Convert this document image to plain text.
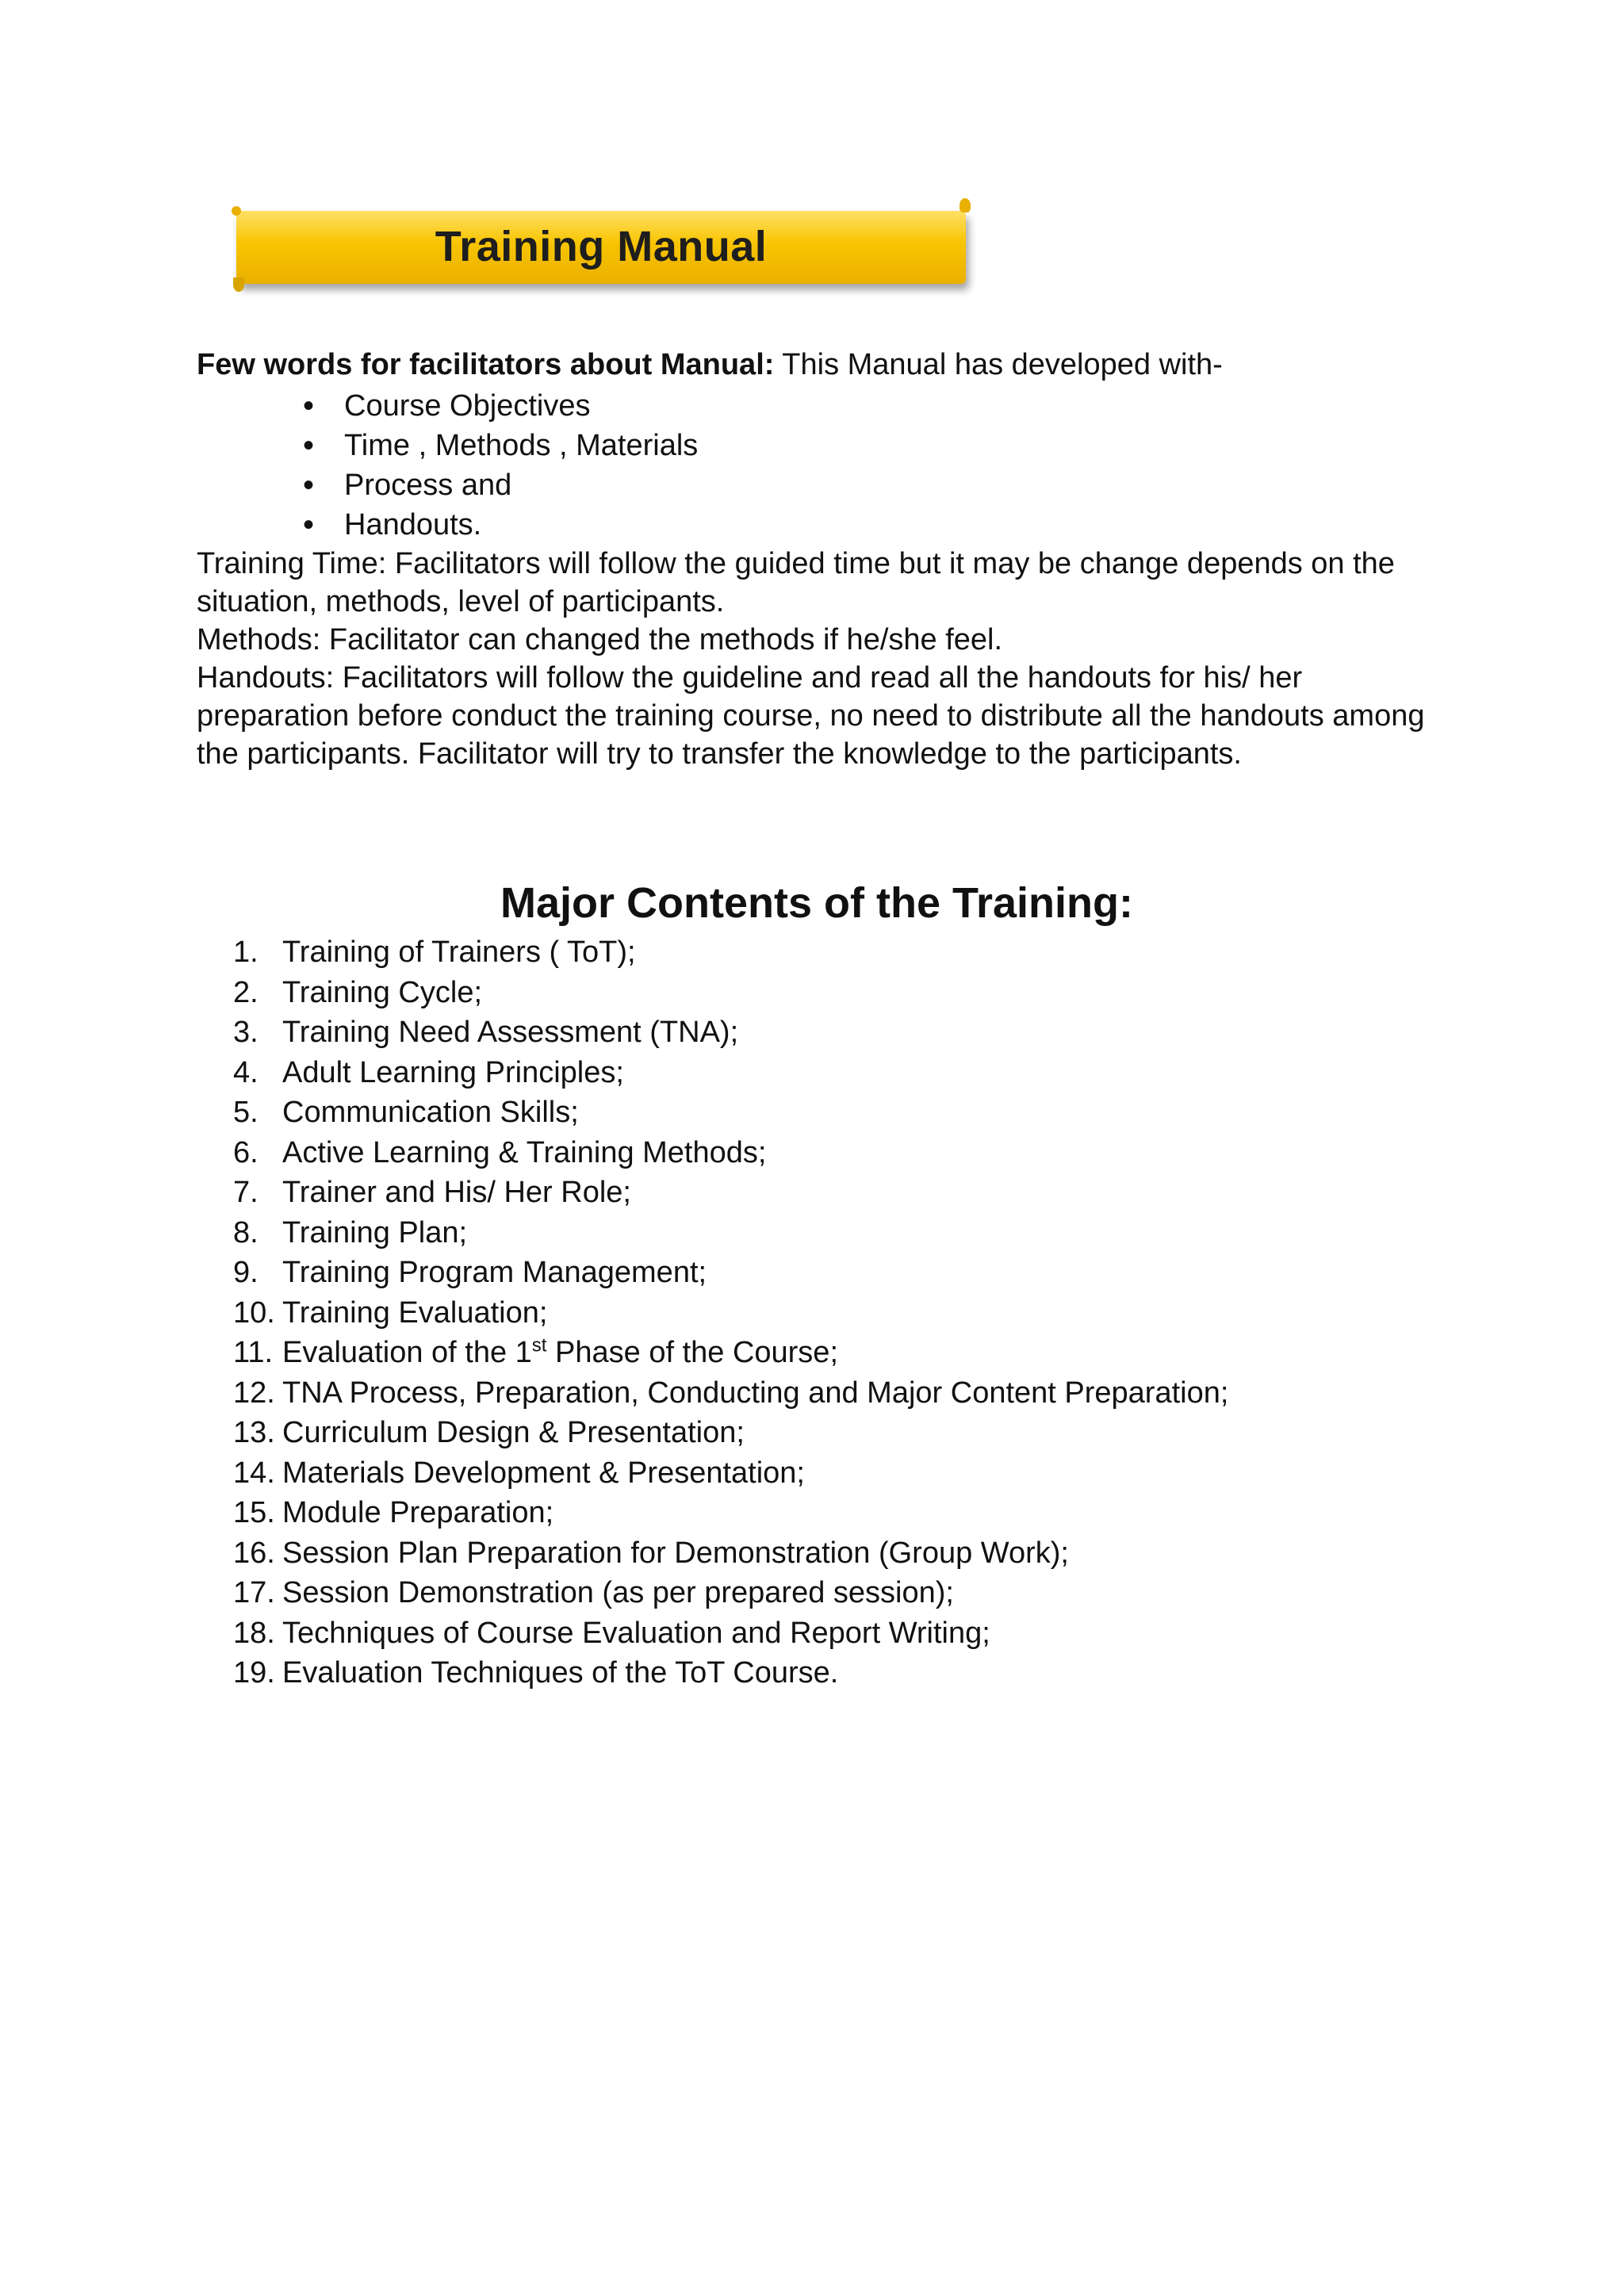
Training Manual
Few words for facilitators about Manual: This Manual has developed with-
• Course Objectives
• Time , Methods , Materials
• Process and
• Handouts.

Training Time: Facilitators will follow the guided time but it may be change depends on the situation, methods, level of participants.

Methods: Facilitator can changed the methods if he/she feel.

Handouts: Facilitators will follow the guideline and read all the handouts for his/ her preparation before conduct the training course, no need to distribute all the handouts among the participants. Facilitator will try to transfer the knowledge to the participants.

Major Contents of the Training:
1. Training of Trainers ( ToT);
2. Training Cycle;
3. Training Need Assessment (TNA);
4. Adult Learning Principles;
5. Communication Skills;
6. Active Learning & Training Methods;
7. Trainer and His/ Her Role;
8. Training Plan;
9. Training Program Management;
10. Training Evaluation;
11. Evaluation of the 1st Phase of the Course;
12. TNA Process, Preparation, Conducting and Major Content Preparation;
13. Curriculum Design & Presentation;
14. Materials Development & Presentation;
15. Module Preparation;
16. Session Plan Preparation for Demonstration (Group Work);
17. Session Demonstration (as per prepared session);
18. Techniques of Course Evaluation and Report Writing;
19. Evaluation Techniques of the ToT Course.
